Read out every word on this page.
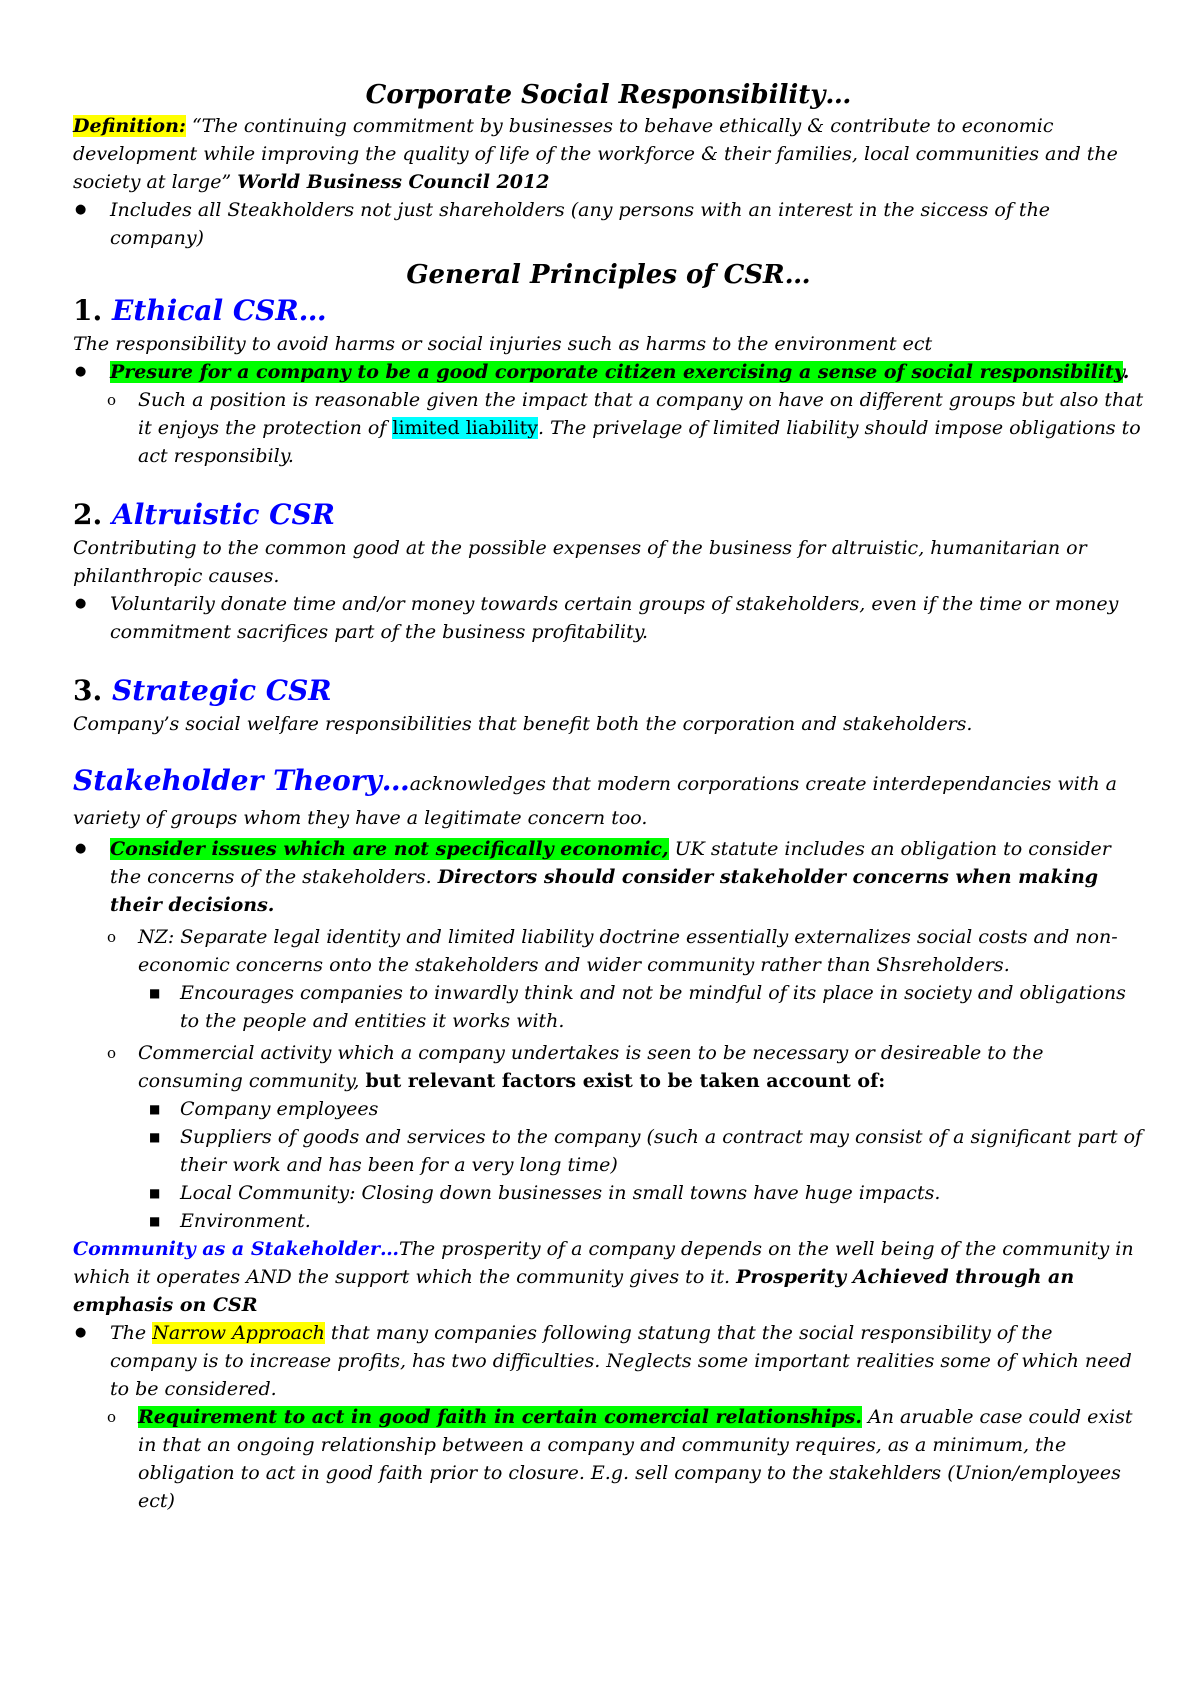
Corporate Social Responsibility…

Definition: “The continuing commitment by businesses to behave ethically & contribute to economic development while improving the quality of life of the workforce & their families, local communities and the society at large” World Business Council 2012

● Includes all Steakholders not just shareholders (any persons with an interest in the siccess of the company)

General Principles of CSR…

1. Ethical CSR…

The responsibility to avoid harms or social injuries such as harms to the environment ect

● Presure for a company to be a good corporate citizen exercising a sense of social responsibility.
o Such a position is reasonable given the impact that a company on have on different groups but also that it enjoys the protection of limited liability. The privelage of limited liability should impose obligations to act responsibily.

2. Altruistic CSR

Contributing to the common good at the possible expenses of the business for altruistic, humanitarian or philanthropic causes.

● Voluntarily donate time and/or money towards certain groups of stakeholders, even if the time or money commitment sacrifices part of the business profitability.

3. Strategic CSR

Company’s social welfare responsibilities that benefit both the corporation and stakeholders.

Stakeholder Theory…acknowledges that modern corporations create interdependancies with a variety of groups whom they have a legitimate concern too.

● Consider issues which are not specifically economic, UK statute includes an obligation to consider the concerns of the stakeholders. Directors should consider stakeholder concerns when making their decisions.
o NZ: Separate legal identity and limited liability doctrine essentially externalizes social costs and non-economic concerns onto the stakeholders and wider community rather than Shsreholders.
■ Encourages companies to inwardly think and not be mindful of its place in society and obligations to the people and entities it works with.
o Commercial activity which a company undertakes is seen to be necessary or desireable to the consuming community, but relevant factors exist to be taken account of:
■ Company employees
■ Suppliers of goods and services to the company (such a contract may consist of a significant part of their work and has been for a very long time)
■ Local Community: Closing down businesses in small towns have huge impacts.
■ Environment.

Community as a Stakeholder…The prosperity of a company depends on the well being of the community in which it operates AND the support which the community gives to it. Prosperity Achieved through an emphasis on CSR

● The Narrow Approach that many companies following statung that the social responsibility of the company is to increase profits, has two difficulties. Neglects some important realities some of which need to be considered.
o Requirement to act in good faith in certain comercial relationships. An aruable case could exist in that an ongoing relationship between a company and community requires, as a minimum, the obligation to act in good faith prior to closure. E.g. sell company to the stakehlders (Union/employees ect)
